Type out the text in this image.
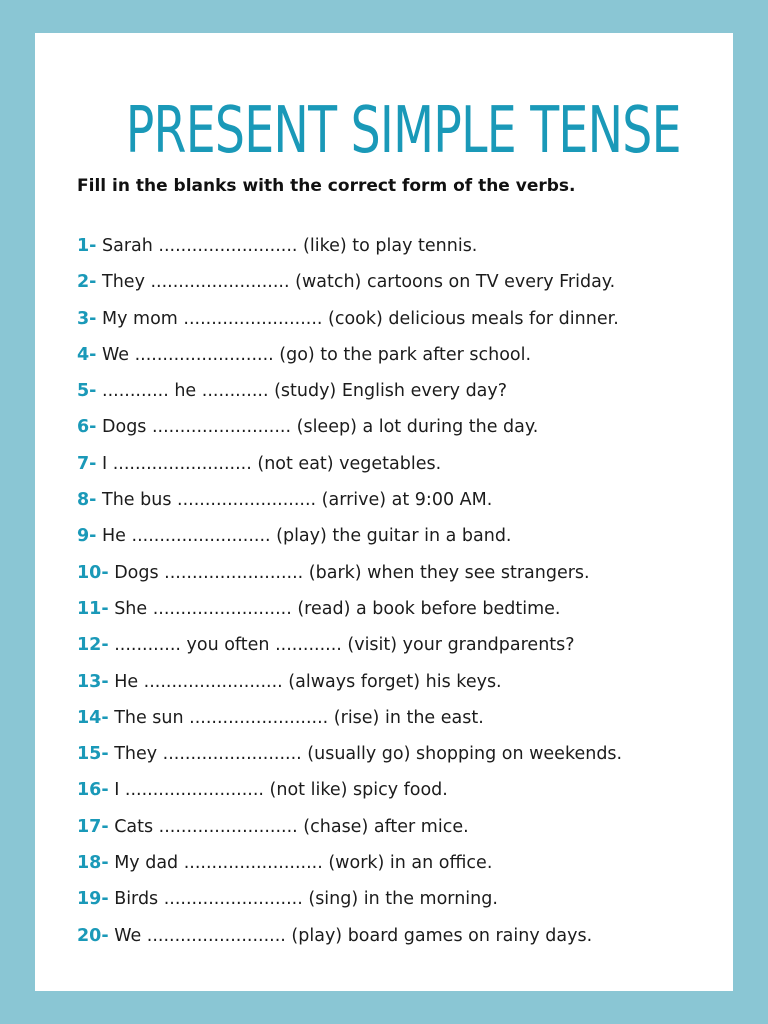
PRESENT SIMPLE TENSE

Fill in the blanks with the correct form of the verbs.

1- Sarah ......................... (like) to play tennis.
2- They ......................... (watch) cartoons on TV every Friday.
3- My mom ......................... (cook) delicious meals for dinner.
4- We ......................... (go) to the park after school.
5- ............ he ............ (study) English every day?
6- Dogs ......................... (sleep) a lot during the day.
7- I ......................... (not eat) vegetables.
8- The bus ......................... (arrive) at 9:00 AM.
9- He ......................... (play) the guitar in a band.
10- Dogs ......................... (bark) when they see strangers.
11- She ......................... (read) a book before bedtime.
12- ............ you often ............ (visit) your grandparents?
13- He ......................... (always forget) his keys.
14- The sun ......................... (rise) in the east.
15- They ......................... (usually go) shopping on weekends.
16- I ......................... (not like) spicy food.
17- Cats ......................... (chase) after mice.
18- My dad ......................... (work) in an office.
19- Birds ......................... (sing) in the morning.
20- We ......................... (play) board games on rainy days.
